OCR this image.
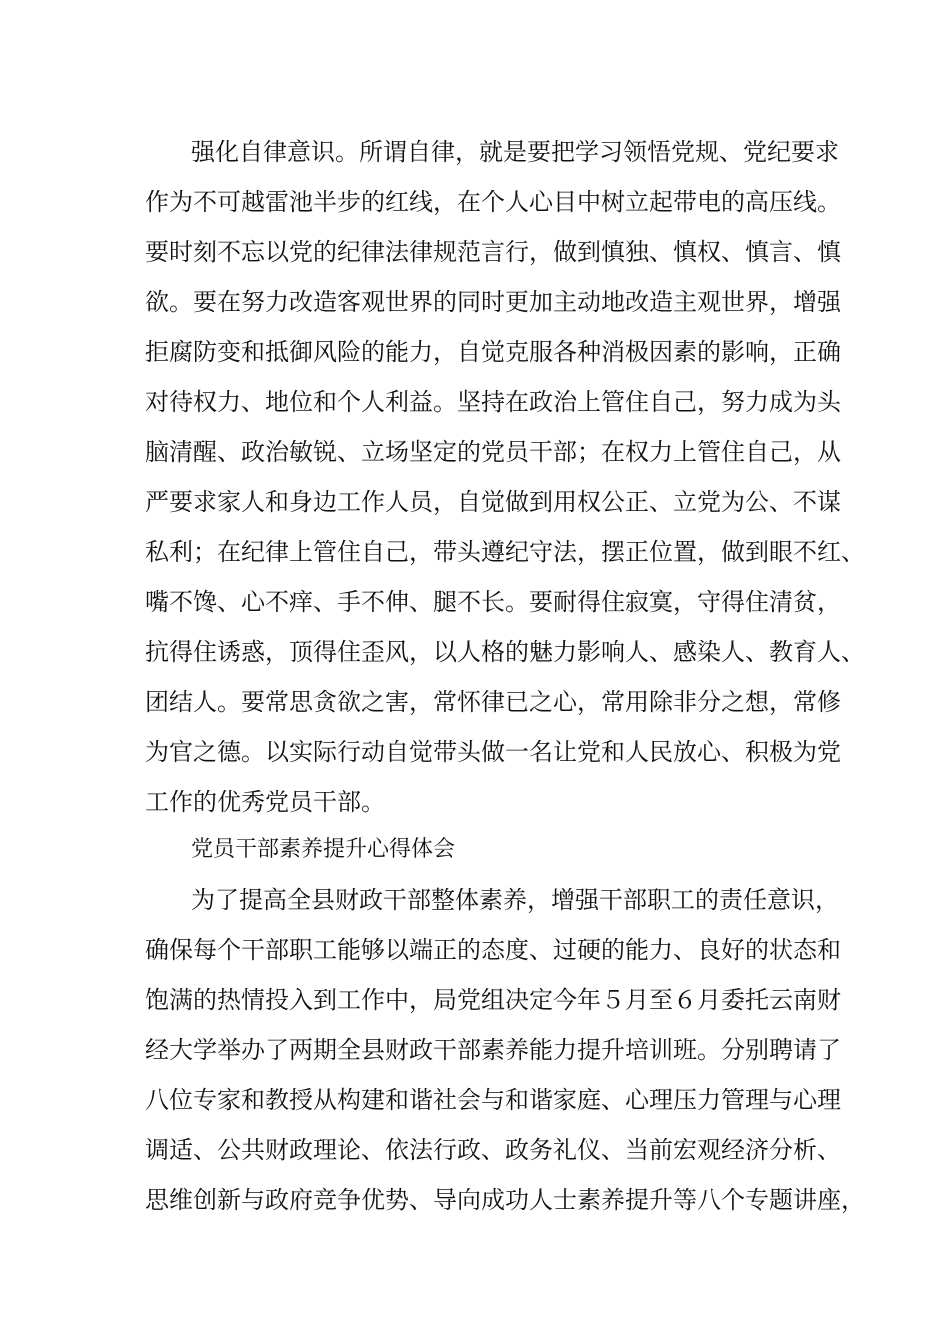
强化自律意识。所谓自律，就是要把学习领悟党规、党纪要求
作为不可越雷池半步的红线，在个人心目中树立起带电的高压线。
要时刻不忘以党的纪律法律规范言行，做到慎独、慎权、慎言、慎
欲。要在努力改造客观世界的同时更加主动地改造主观世界，增强
拒腐防变和抵御风险的能力，自觉克服各种消极因素的影响，正确
对待权力、地位和个人利益。坚持在政治上管住自己，努力成为头
脑清醒、政治敏锐、立场坚定的党员干部；在权力上管住自己，从
严要求家人和身边工作人员，自觉做到用权公正、立党为公、不谋
私利；在纪律上管住自己，带头遵纪守法，摆正位置，做到眼不红、
嘴不馋、心不痒、手不伸、腿不长。要耐得住寂寞，守得住清贫，
抗得住诱惑，顶得住歪风，以人格的魅力影响人、感染人、教育人、
团结人。要常思贪欲之害，常怀律已之心，常用除非分之想，常修
为官之德。以实际行动自觉带头做一名让党和人民放心、积极为党
工作的优秀党员干部。
党员干部素养提升心得体会
为了提高全县财政干部整体素养，增强干部职工的责任意识，
确保每个干部职工能够以端正的态度、过硬的能力、良好的状态和
饱满的热情投入到工作中，局党组决定今年５月至６月委托云南财
经大学举办了两期全县财政干部素养能力提升培训班。分别聘请了
八位专家和教授从构建和谐社会与和谐家庭、心理压力管理与心理
调适、公共财政理论、依法行政、政务礼仪、当前宏观经济分析、
思维创新与政府竞争优势、导向成功人士素养提升等八个专题讲座，
